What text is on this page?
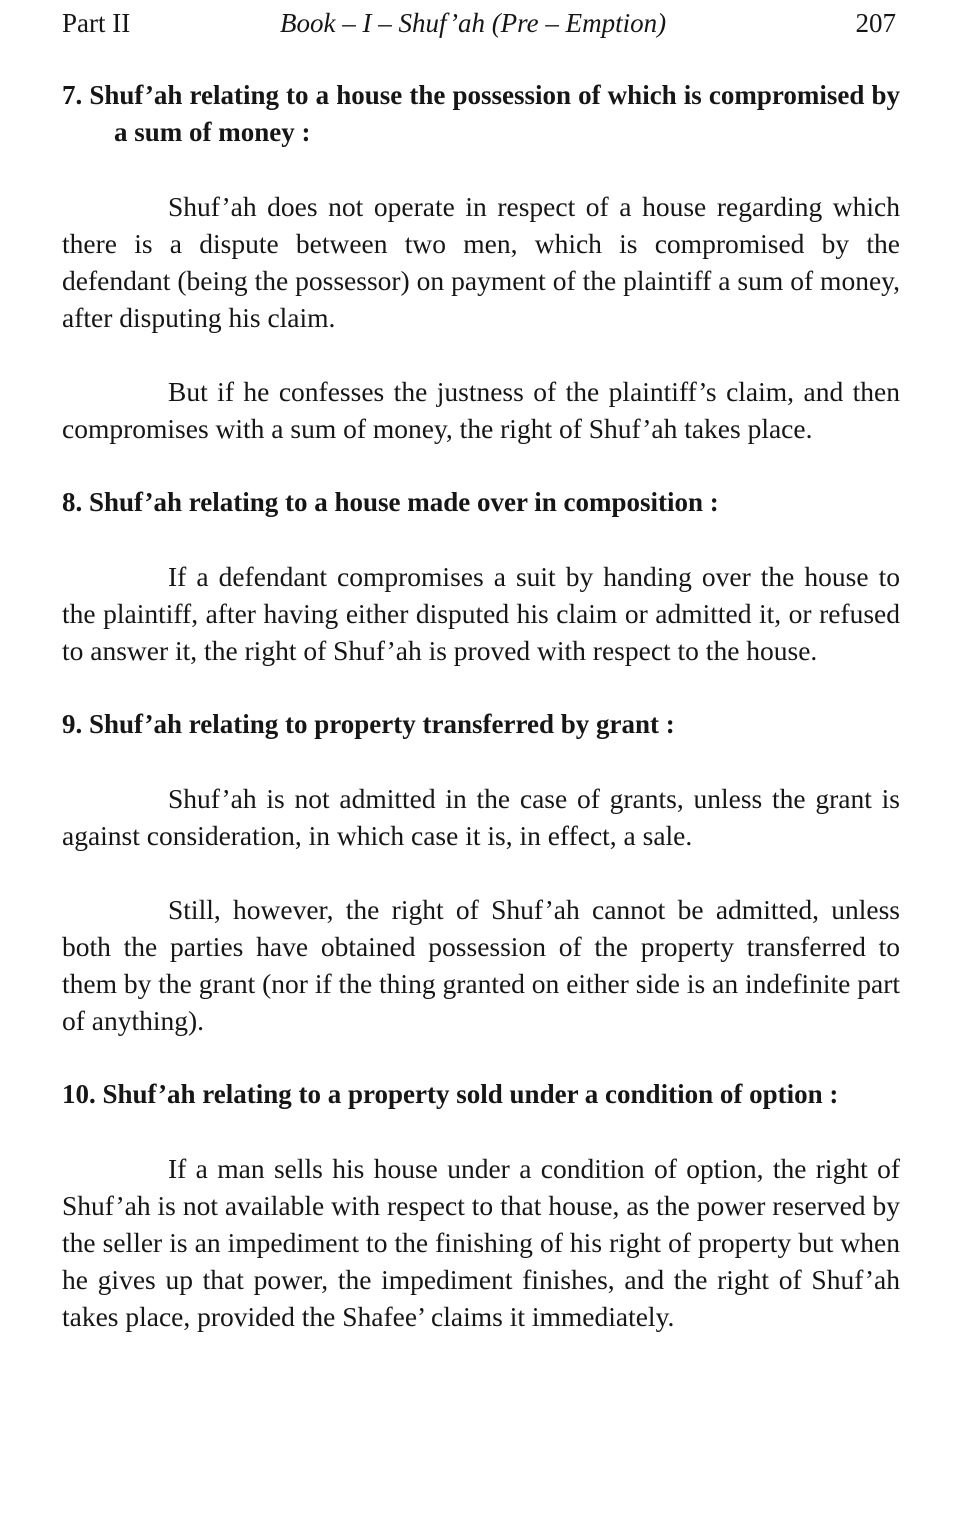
Part II	Book – I – Shuf’ah (Pre – Emption)	207

7. Shuf’ah relating to a house the possession of which is compromised by a sum of money :

Shuf’ah does not operate in respect of a house regarding which there is a dispute between two men, which is compromised by the defendant (being the possessor) on payment of the plaintiff a sum of money, after disputing his claim.

But if he confesses the justness of the plaintiff’s claim, and then compromises with a sum of money, the right of Shuf’ah takes place.

8. Shuf’ah relating to a house made over in composition :

If a defendant compromises a suit by handing over the house to the plaintiff, after having either disputed his claim or admitted it, or refused to answer it, the right of Shuf’ah is proved with respect to the house.

9. Shuf’ah relating to property transferred by grant :

Shuf’ah is not admitted in the case of grants, unless the grant is against consideration, in which case it is, in effect, a sale.

Still, however, the right of Shuf’ah cannot be admitted, unless both the parties have obtained possession of the property transferred to them by the grant (nor if the thing granted on either side is an indefinite part of anything).

10. Shuf’ah relating to a property sold under a condition of option :

If a man sells his house under a condition of option, the right of Shuf’ah is not available with respect to that house, as the power reserved by the seller is an impediment to the finishing of his right of property but when he gives up that power, the impediment finishes, and the right of Shuf’ah takes place, provided the Shafee’ claims it immediately.
